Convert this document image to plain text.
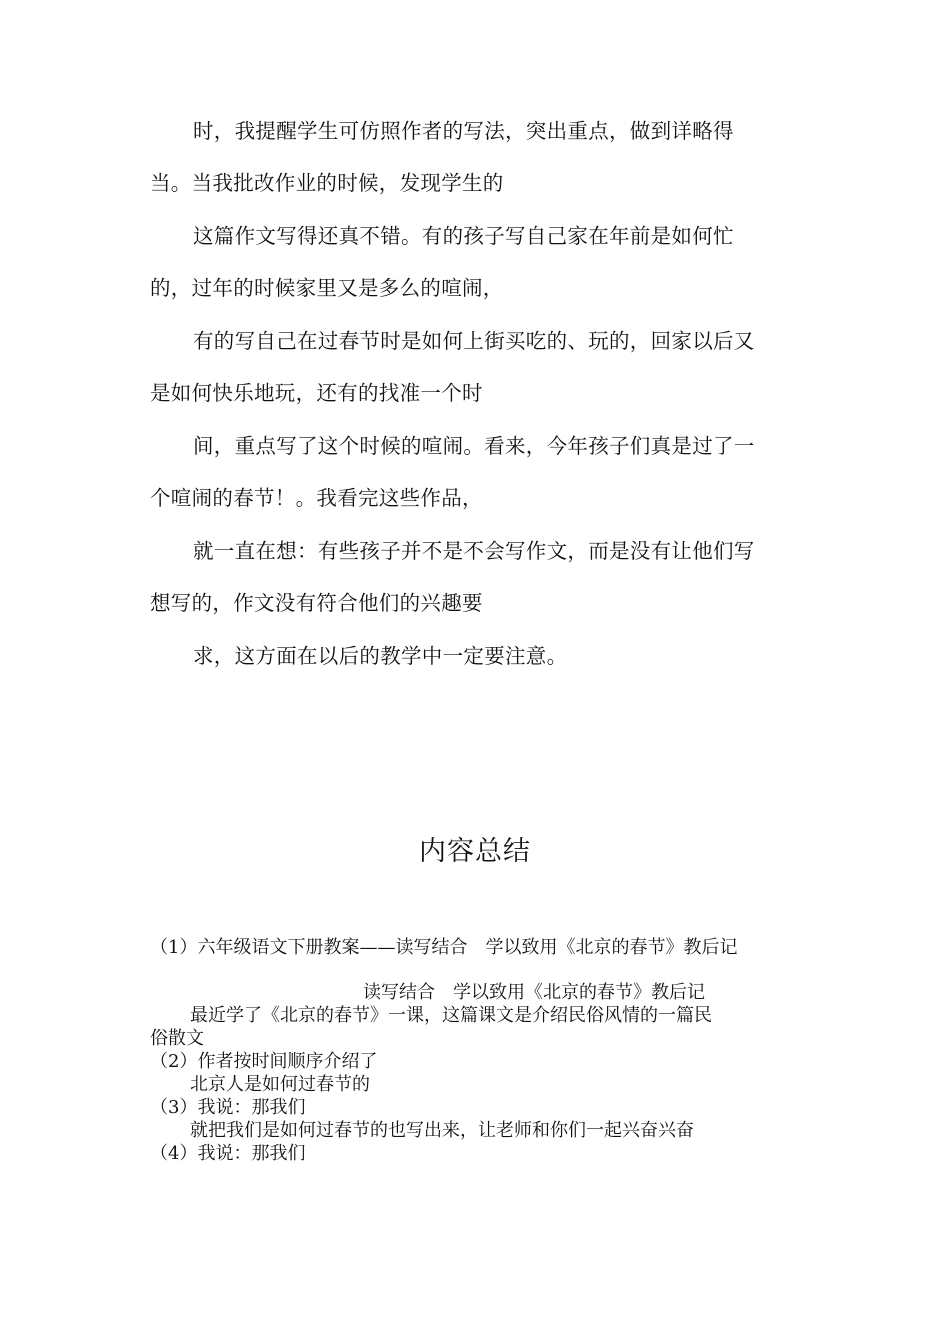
时，我提醒学生可仿照作者的写法，突出重点，做到详略得
当。当我批改作业的时候，发现学生的
这篇作文写得还真不错。有的孩子写自己家在年前是如何忙
的，过年的时候家里又是多么的喧闹，
有的写自己在过春节时是如何上街买吃的、玩的，回家以后又
是如何快乐地玩，还有的找准一个时
间，重点写了这个时候的喧闹。看来，今年孩子们真是过了一
个喧闹的春节！。我看完这些作品，
就一直在想：有些孩子并不是不会写作文，而是没有让他们写
想写的，作文没有符合他们的兴趣要
求，这方面在以后的教学中一定要注意。
内容总结
（1）六年级语文下册教案——读写结合　学以致用《北京的春节》教后记
读写结合　学以致用《北京的春节》教后记
最近学了《北京的春节》一课，这篇课文是介绍民俗风情的一篇民
俗散文
（2）作者按时间顺序介绍了
北京人是如何过春节的
（3）我说：那我们
就把我们是如何过春节的也写出来，让老师和你们一起兴奋兴奋
（4）我说：那我们
